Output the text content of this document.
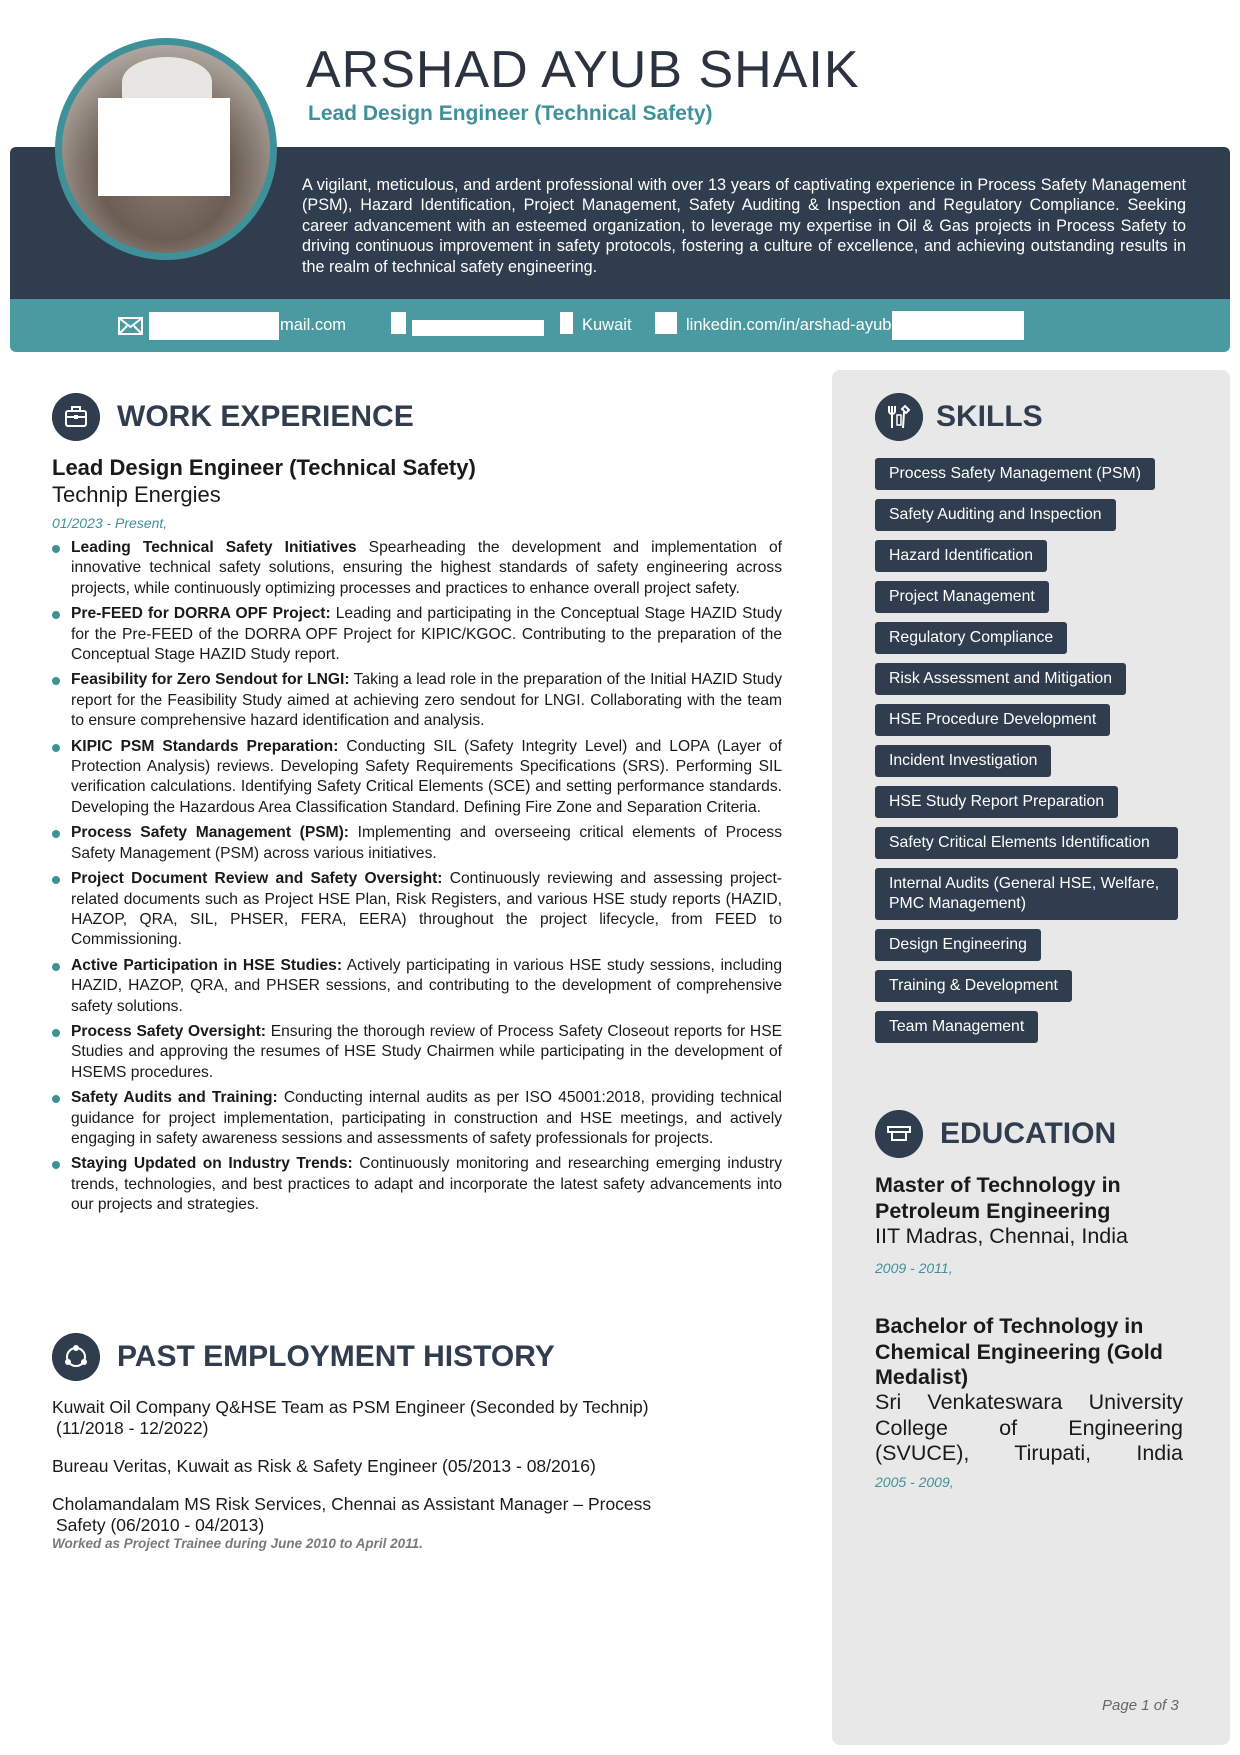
ARSHAD AYUB SHAIK
Lead Design Engineer (Technical Safety)

A vigilant, meticulous, and ardent professional with over 13 years of captivating experience in Process Safety Management (PSM), Hazard Identification, Project Management, Safety Auditing & Inspection and Regulatory Compliance. Seeking career advancement with an esteemed organization, to leverage my expertise in Oil & Gas projects in Process Safety to driving continuous improvement in safety protocols, fostering a culture of excellence, and achieving outstanding results in the realm of technical safety engineering.

mail.com	Kuwait	linkedin.com/in/arshad-ayub
WORK EXPERIENCE
Lead Design Engineer (Technical Safety)
Technip Energies
01/2023 - Present,
Leading Technical Safety Initiatives Spearheading the development and implementation of innovative technical safety solutions, ensuring the highest standards of safety engineering across projects, while continuously optimizing processes and practices to enhance overall project safety.
Pre-FEED for DORRA OPF Project: Leading and participating in the Conceptual Stage HAZID Study for the Pre-FEED of the DORRA OPF Project for KIPIC/KGOC. Contributing to the preparation of the Conceptual Stage HAZID Study report.
Feasibility for Zero Sendout for LNGI: Taking a lead role in the preparation of the Initial HAZID Study report for the Feasibility Study aimed at achieving zero sendout for LNGI. Collaborating with the team to ensure comprehensive hazard identification and analysis.
KIPIC PSM Standards Preparation: Conducting SIL (Safety Integrity Level) and LOPA (Layer of Protection Analysis) reviews. Developing Safety Requirements Specifications (SRS). Performing SIL verification calculations. Identifying Safety Critical Elements (SCE) and setting performance standards. Developing the Hazardous Area Classification Standard. Defining Fire Zone and Separation Criteria.
Process Safety Management (PSM): Implementing and overseeing critical elements of Process Safety Management (PSM) across various initiatives.
Project Document Review and Safety Oversight: Continuously reviewing and assessing project-related documents such as Project HSE Plan, Risk Registers, and various HSE study reports (HAZID, HAZOP, QRA, SIL, PHSER, FERA, EERA) throughout the project lifecycle, from FEED to Commissioning.
Active Participation in HSE Studies: Actively participating in various HSE study sessions, including HAZID, HAZOP, QRA, and PHSER sessions, and contributing to the development of comprehensive safety solutions.
Process Safety Oversight: Ensuring the thorough review of Process Safety Closeout reports for HSE Studies and approving the resumes of HSE Study Chairmen while participating in the development of HSEMS procedures.
Safety Audits and Training: Conducting internal audits as per ISO 45001:2018, providing technical guidance for project implementation, participating in construction and HSE meetings, and actively engaging in safety awareness sessions and assessments of safety professionals for projects.
Staying Updated on Industry Trends: Continuously monitoring and researching emerging industry trends, technologies, and best practices to adapt and incorporate the latest safety advancements into our projects and strategies.
PAST EMPLOYMENT HISTORY
Kuwait Oil Company Q&HSE Team as PSM Engineer (Seconded by Technip)
(11/2018 - 12/2022)
Bureau Veritas, Kuwait as Risk & Safety Engineer (05/2013 - 08/2016)
Cholamandalam MS Risk Services, Chennai as Assistant Manager – Process
Safety (06/2010 - 04/2013)
Worked as Project Trainee during June 2010 to April 2011.
SKILLS
Process Safety Management (PSM)
Safety Auditing and Inspection
Hazard Identification
Project Management
Regulatory Compliance
Risk Assessment and Mitigation
HSE Procedure Development
Incident Investigation
HSE Study Report Preparation
Safety Critical Elements Identification
Internal Audits (General HSE, Welfare, PMC Management)
Design Engineering
Training & Development
Team Management
EDUCATION
Master of Technology in Petroleum Engineering
IIT Madras, Chennai, India
2009 - 2011,
Bachelor of Technology in Chemical Engineering (Gold Medalist)
Sri Venkateswara University College of Engineering (SVUCE), Tirupati, India
2005 - 2009,
Page 1 of 3
